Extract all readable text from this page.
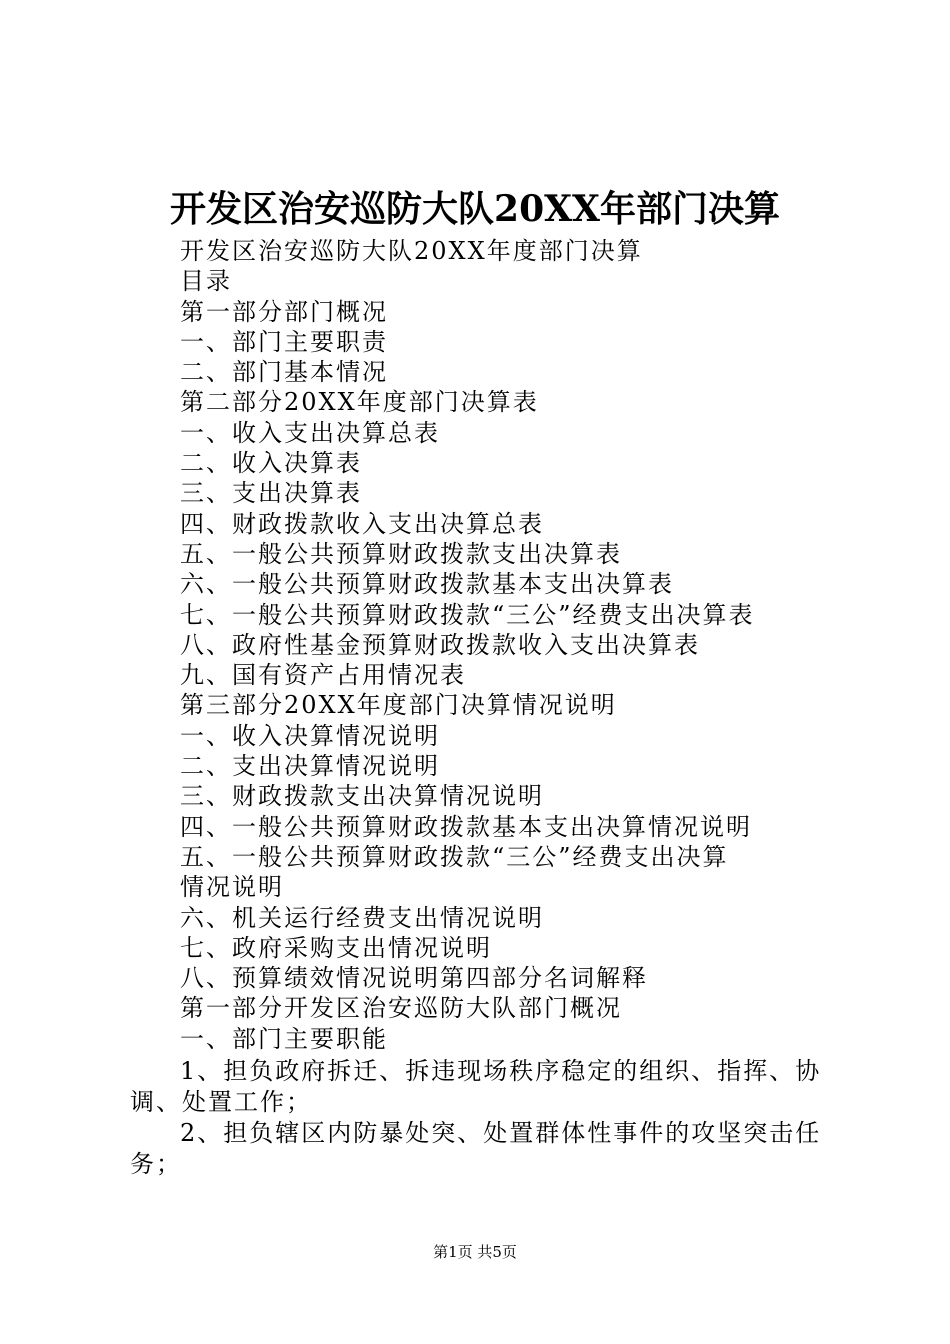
开发区治安巡防大队20XX年部门决算
开发区治安巡防大队20XX年度部门决算
目录
第一部分部门概况
一、部门主要职责
二、部门基本情况
第二部分20XX年度部门决算表
一、收入支出决算总表
二、收入决算表
三、支出决算表
四、财政拨款收入支出决算总表
五、一般公共预算财政拨款支出决算表
六、一般公共预算财政拨款基本支出决算表
七、一般公共预算财政拨款“三公”经费支出决算表
八、政府性基金预算财政拨款收入支出决算表
九、国有资产占用情况表
第三部分20XX年度部门决算情况说明
一、收入决算情况说明
二、支出决算情况说明
三、财政拨款支出决算情况说明
四、一般公共预算财政拨款基本支出决算情况说明
五、一般公共预算财政拨款“三公”经费支出决算
情况说明
六、机关运行经费支出情况说明
七、政府采购支出情况说明
八、预算绩效情况说明第四部分名词解释
第一部分开发区治安巡防大队部门概况
一、部门主要职能

1、担负政府拆迁、拆违现场秩序稳定的组织、指挥、协调、处置工作；

2、担负辖区内防暴处突、处置群体性事件的攻坚突击任务；

第1页 共5页
